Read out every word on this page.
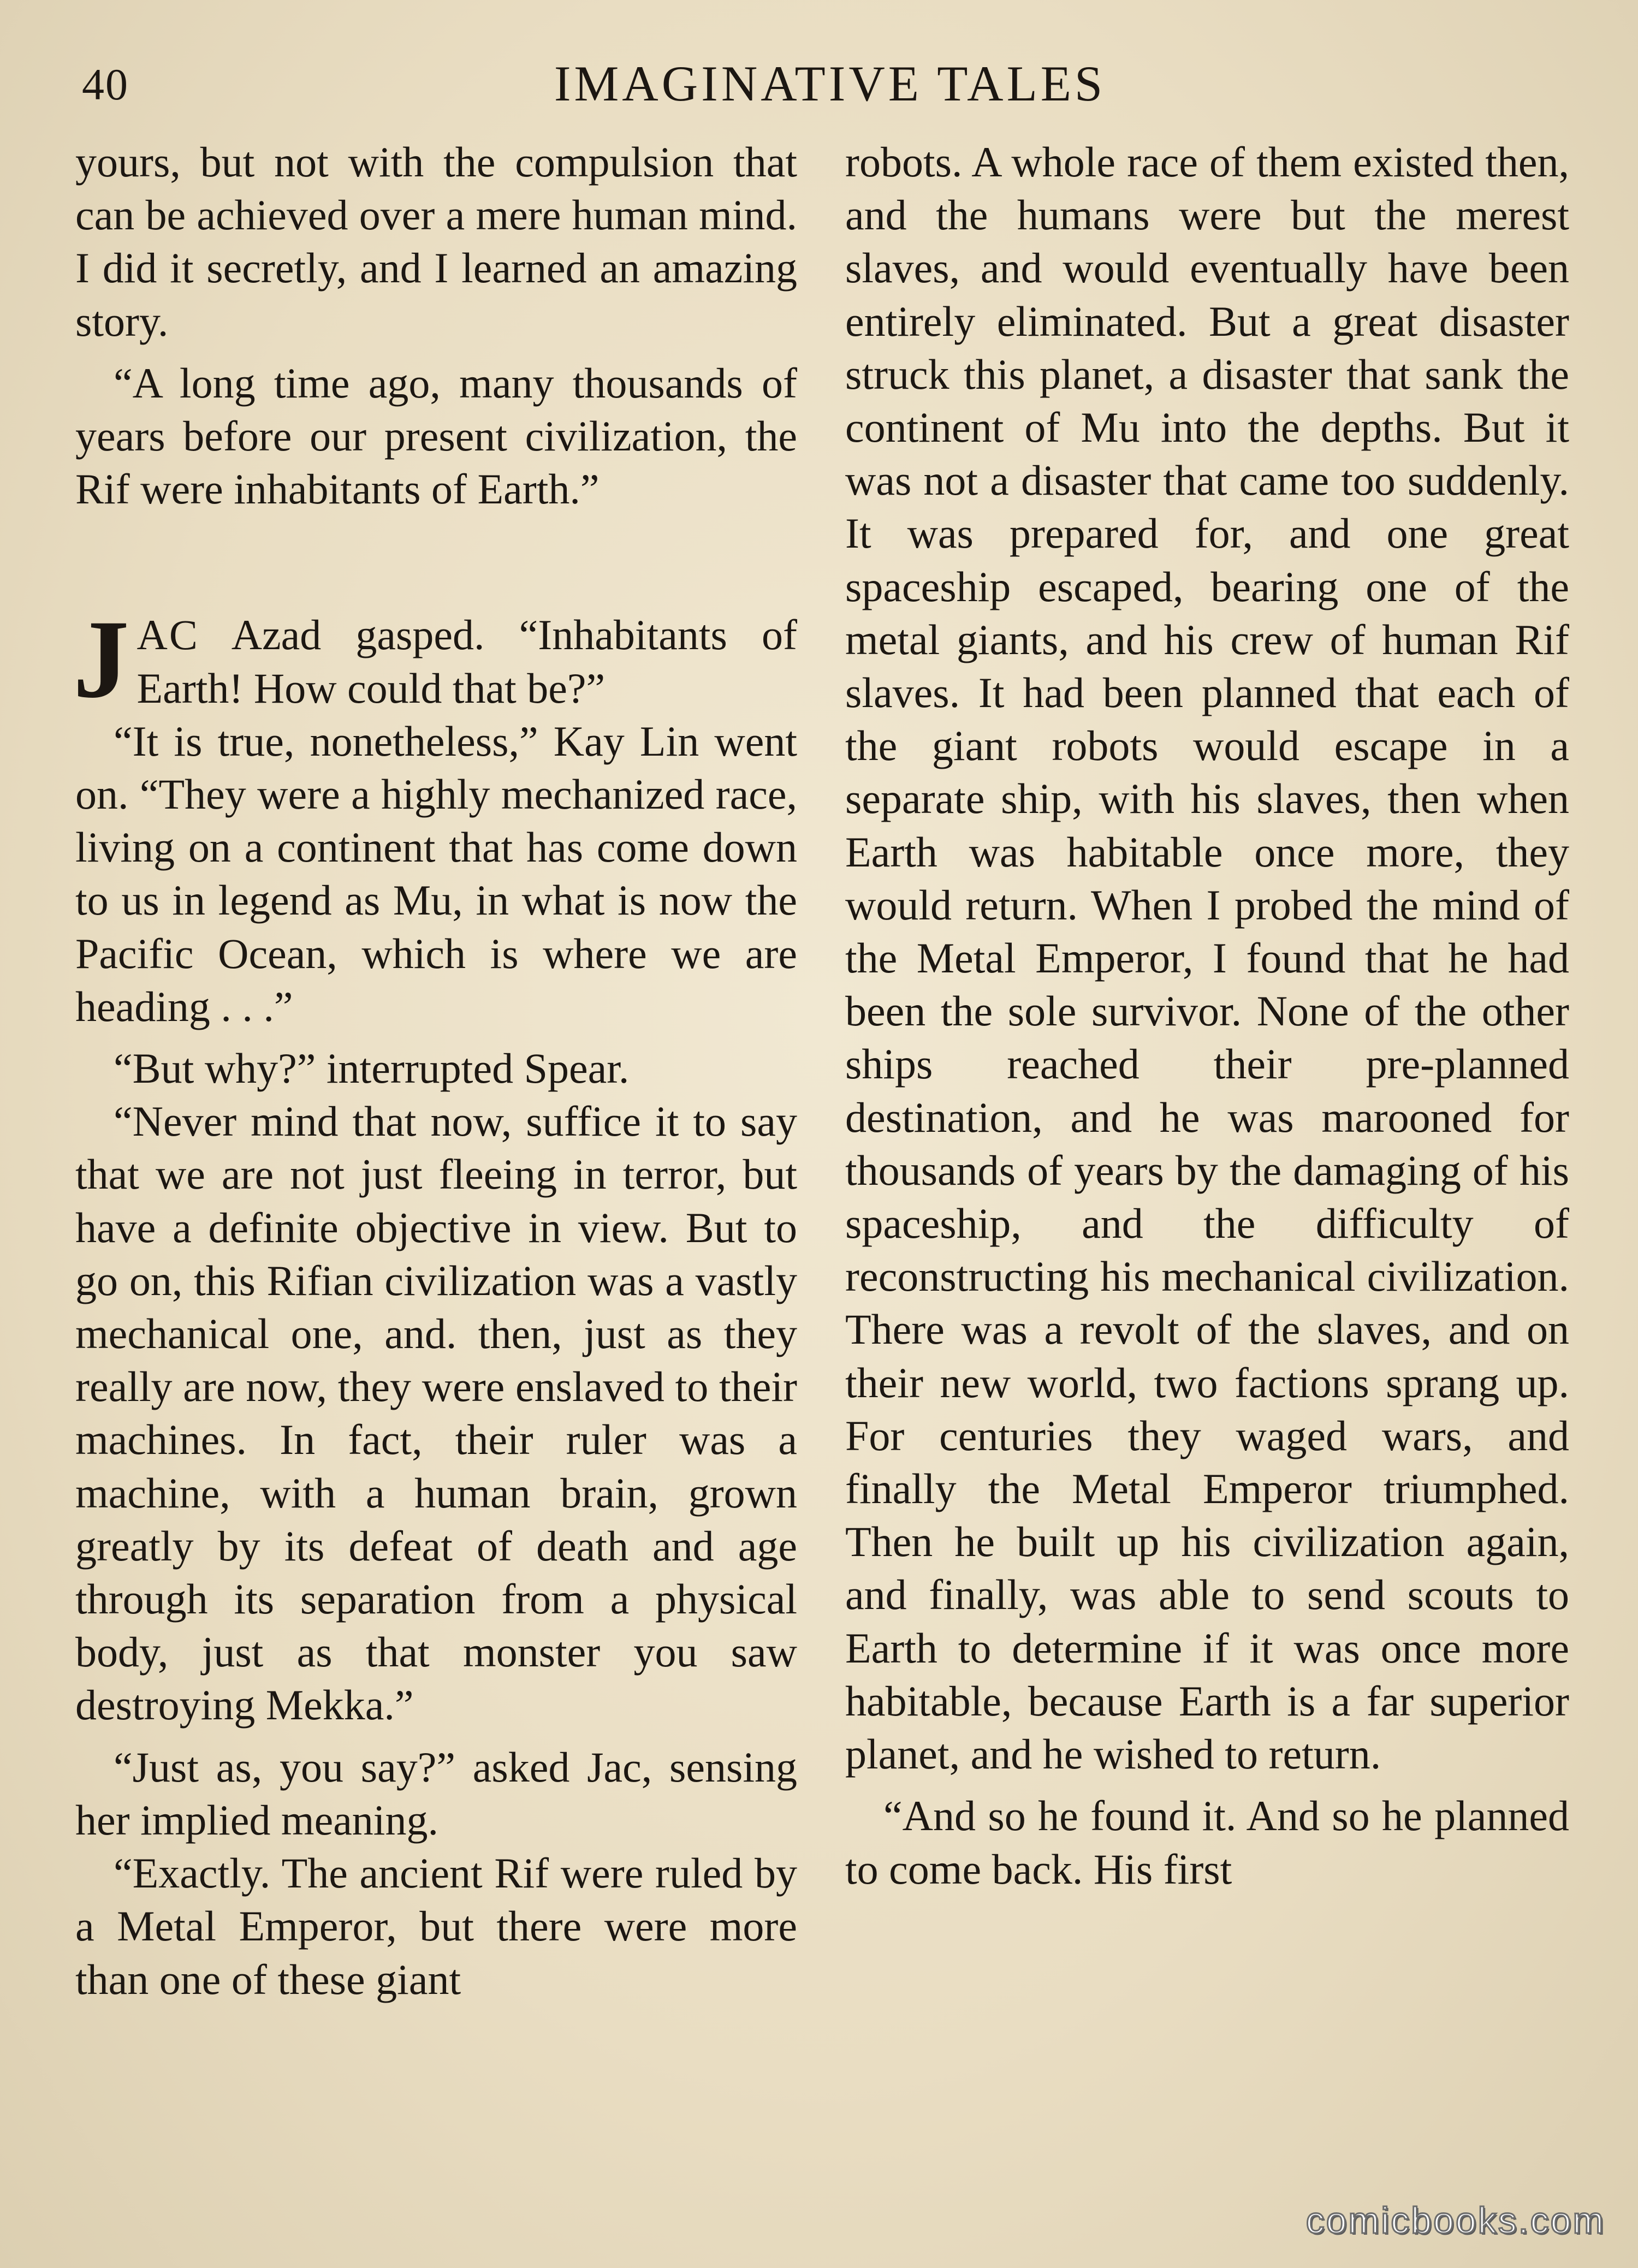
40	IMAGINATIVE TALES

yours, but not with the compulsion that can be achieved over a mere human mind. I did it secretly, and I learned an amazing story.

“A long time ago, many thousands of years before our present civilization, the Rif were inhabitants of Earth.”

JAC Azad gasped. “Inhabitants of Earth! How could that be?”

“It is true, nonetheless,” Kay Lin went on. “They were a highly mechanized race, living on a continent that has come down to us in legend as Mu, in what is now the Pacific Ocean, which is where we are heading . . .”

“But why?” interrupted Spear.

“Never mind that now, suffice it to say that we are not just fleeing in terror, but have a definite objective in view. But to go on, this Rifian civilization was a vastly mechanical one, and. then, just as they really are now, they were enslaved to their machines. In fact, their ruler was a machine, with a human brain, grown greatly by its defeat of death and age through its separation from a physical body, just as that monster you saw destroying Mekka.”

“Just as, you say?” asked Jac, sensing her implied meaning.

“Exactly. The ancient Rif were ruled by a Metal Emperor, but there were more than one of these giant

robots. A whole race of them existed then, and the humans were but the merest slaves, and would eventually have been entirely eliminated. But a great disaster struck this planet, a disaster that sank the continent of Mu into the depths. But it was not a disaster that came too suddenly. It was prepared for, and one great spaceship escaped, bearing one of the metal giants, and his crew of human Rif slaves. It had been planned that each of the giant robots would escape in a separate ship, with his slaves, then when Earth was habitable once more, they would return. When I probed the mind of the Metal Emperor, I found that he had been the sole survivor. None of the other ships reached their pre-planned destination, and he was marooned for thousands of years by the damaging of his spaceship, and the difficulty of reconstructing his mechanical civilization. There was a revolt of the slaves, and on their new world, two factions sprang up. For centuries they waged wars, and finally the Metal Emperor triumphed. Then he built up his civilization again, and finally, was able to send scouts to Earth to determine if it was once more habitable, because Earth is a far superior planet, and he wished to return.

“And so he found it. And so he planned to come back. His first

comicbooks.com
